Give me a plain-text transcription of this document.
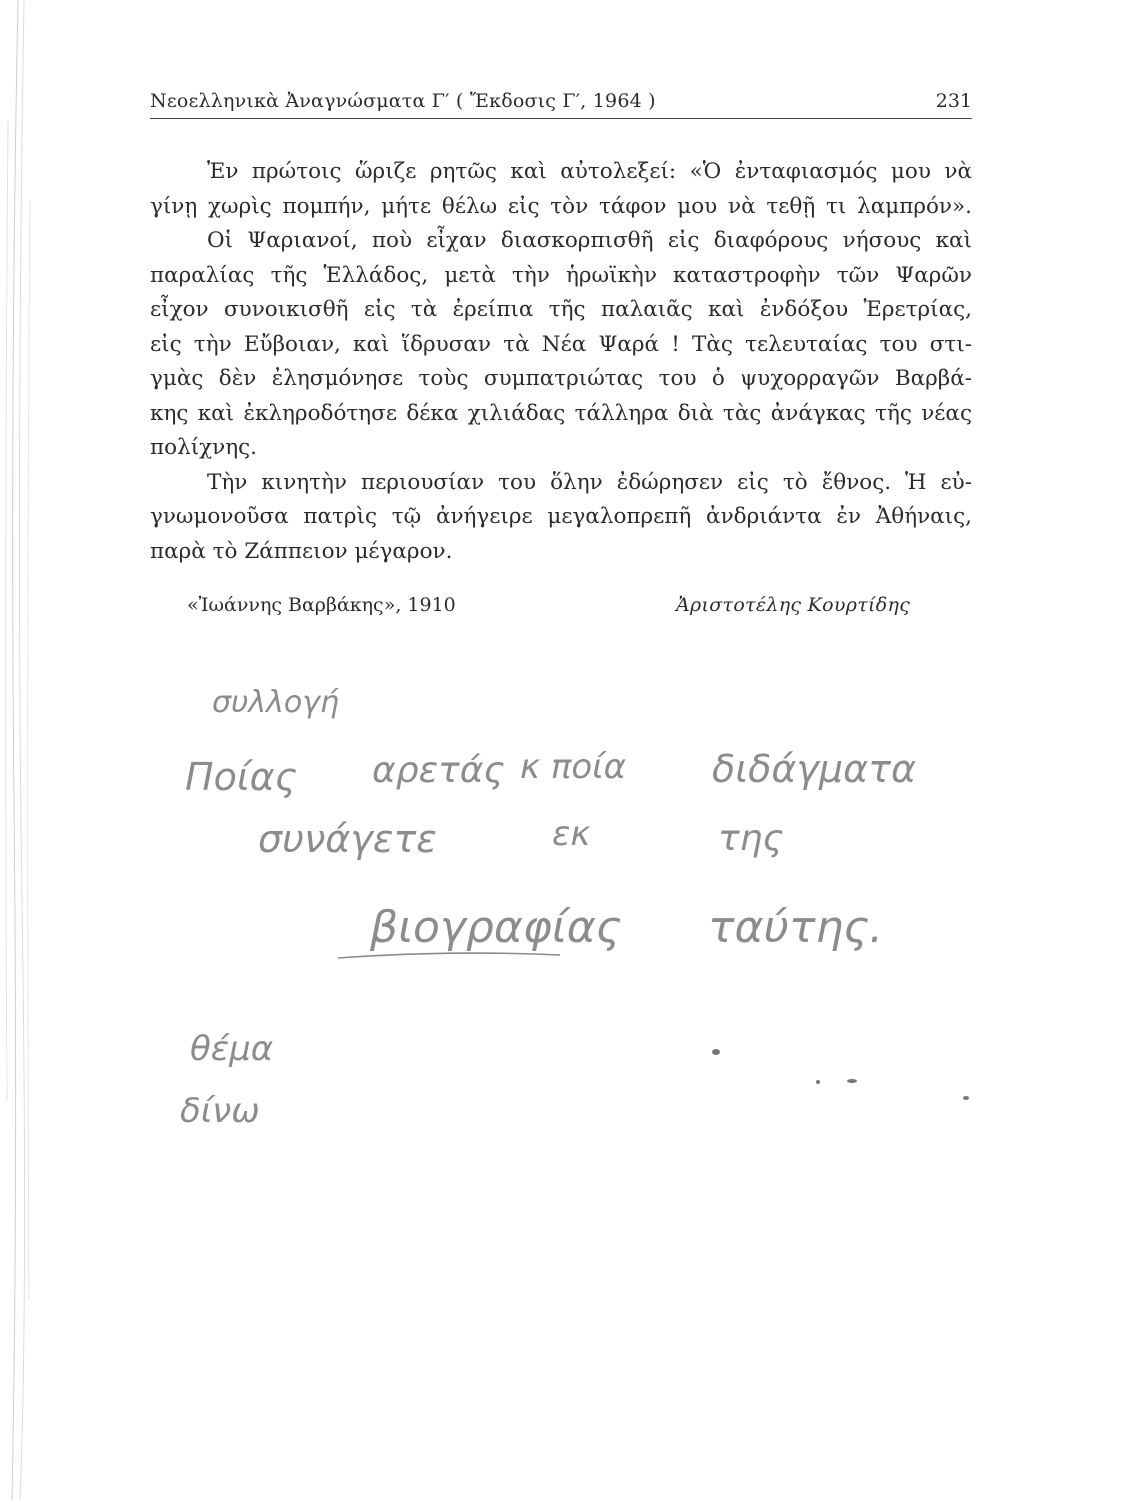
Νεοελληνικὰ Ἀναγνώσματα Γ′ ( Ἔκδοσις Γ′, 1964 )	231
Ἐν πρώτοις ὥριζε ρητῶς καὶ αὐτολεξεί: «Ὁ ἐνταφιασμός μου νὰ
γίνῃ χωρὶς πομπήν, μήτε θέλω εἰς τὸν τάφον μου νὰ τεθῇ τι λαμπρόν».
Οἱ Ψαριανοί, ποὺ εἶχαν διασκορπισθῆ εἰς διαφόρους νήσους καὶ
παραλίας τῆς Ἑλλάδος, μετὰ τὴν ἡρωϊκὴν καταστροφὴν τῶν Ψαρῶν
εἶχον συνοικισθῆ εἰς τὰ ἐρείπια τῆς παλαιᾶς καὶ ἐνδόξου Ἐρετρίας,
εἰς τὴν Εὔβοιαν, καὶ ἵδρυσαν τὰ Νέα Ψαρά ! Τὰς τελευταίας του στι-
γμὰς δὲν ἐλησμόνησε τοὺς συμπατριώτας του ὁ ψυχορραγῶν Βαρβά-
κης καὶ ἐκληροδότησε δέκα χιλιάδας τάλληρα διὰ τὰς ἀνάγκας τῆς νέας
πολίχνης.
Τὴν κινητὴν περιουσίαν του ὅλην ἐδώρησεν εἰς τὸ ἔθνος. Ἡ εὐ-
γνωμονοῦσα πατρὶς τῷ ἀνήγειρε μεγαλοπρεπῆ ἀνδριάντα ἐν Ἀθήναις,
παρὰ τὸ Ζάππειον μέγαρον.
«Ἰωάννης Βαρβάκης», 1910	Ἀριστοτέλης Κουρτίδης
συλλογή
Ποίας αρετάς κ ποία διδάγματα
συνάγετε	εκ	της
βιογραφίας ταύτης.
θέμα
δίνω
